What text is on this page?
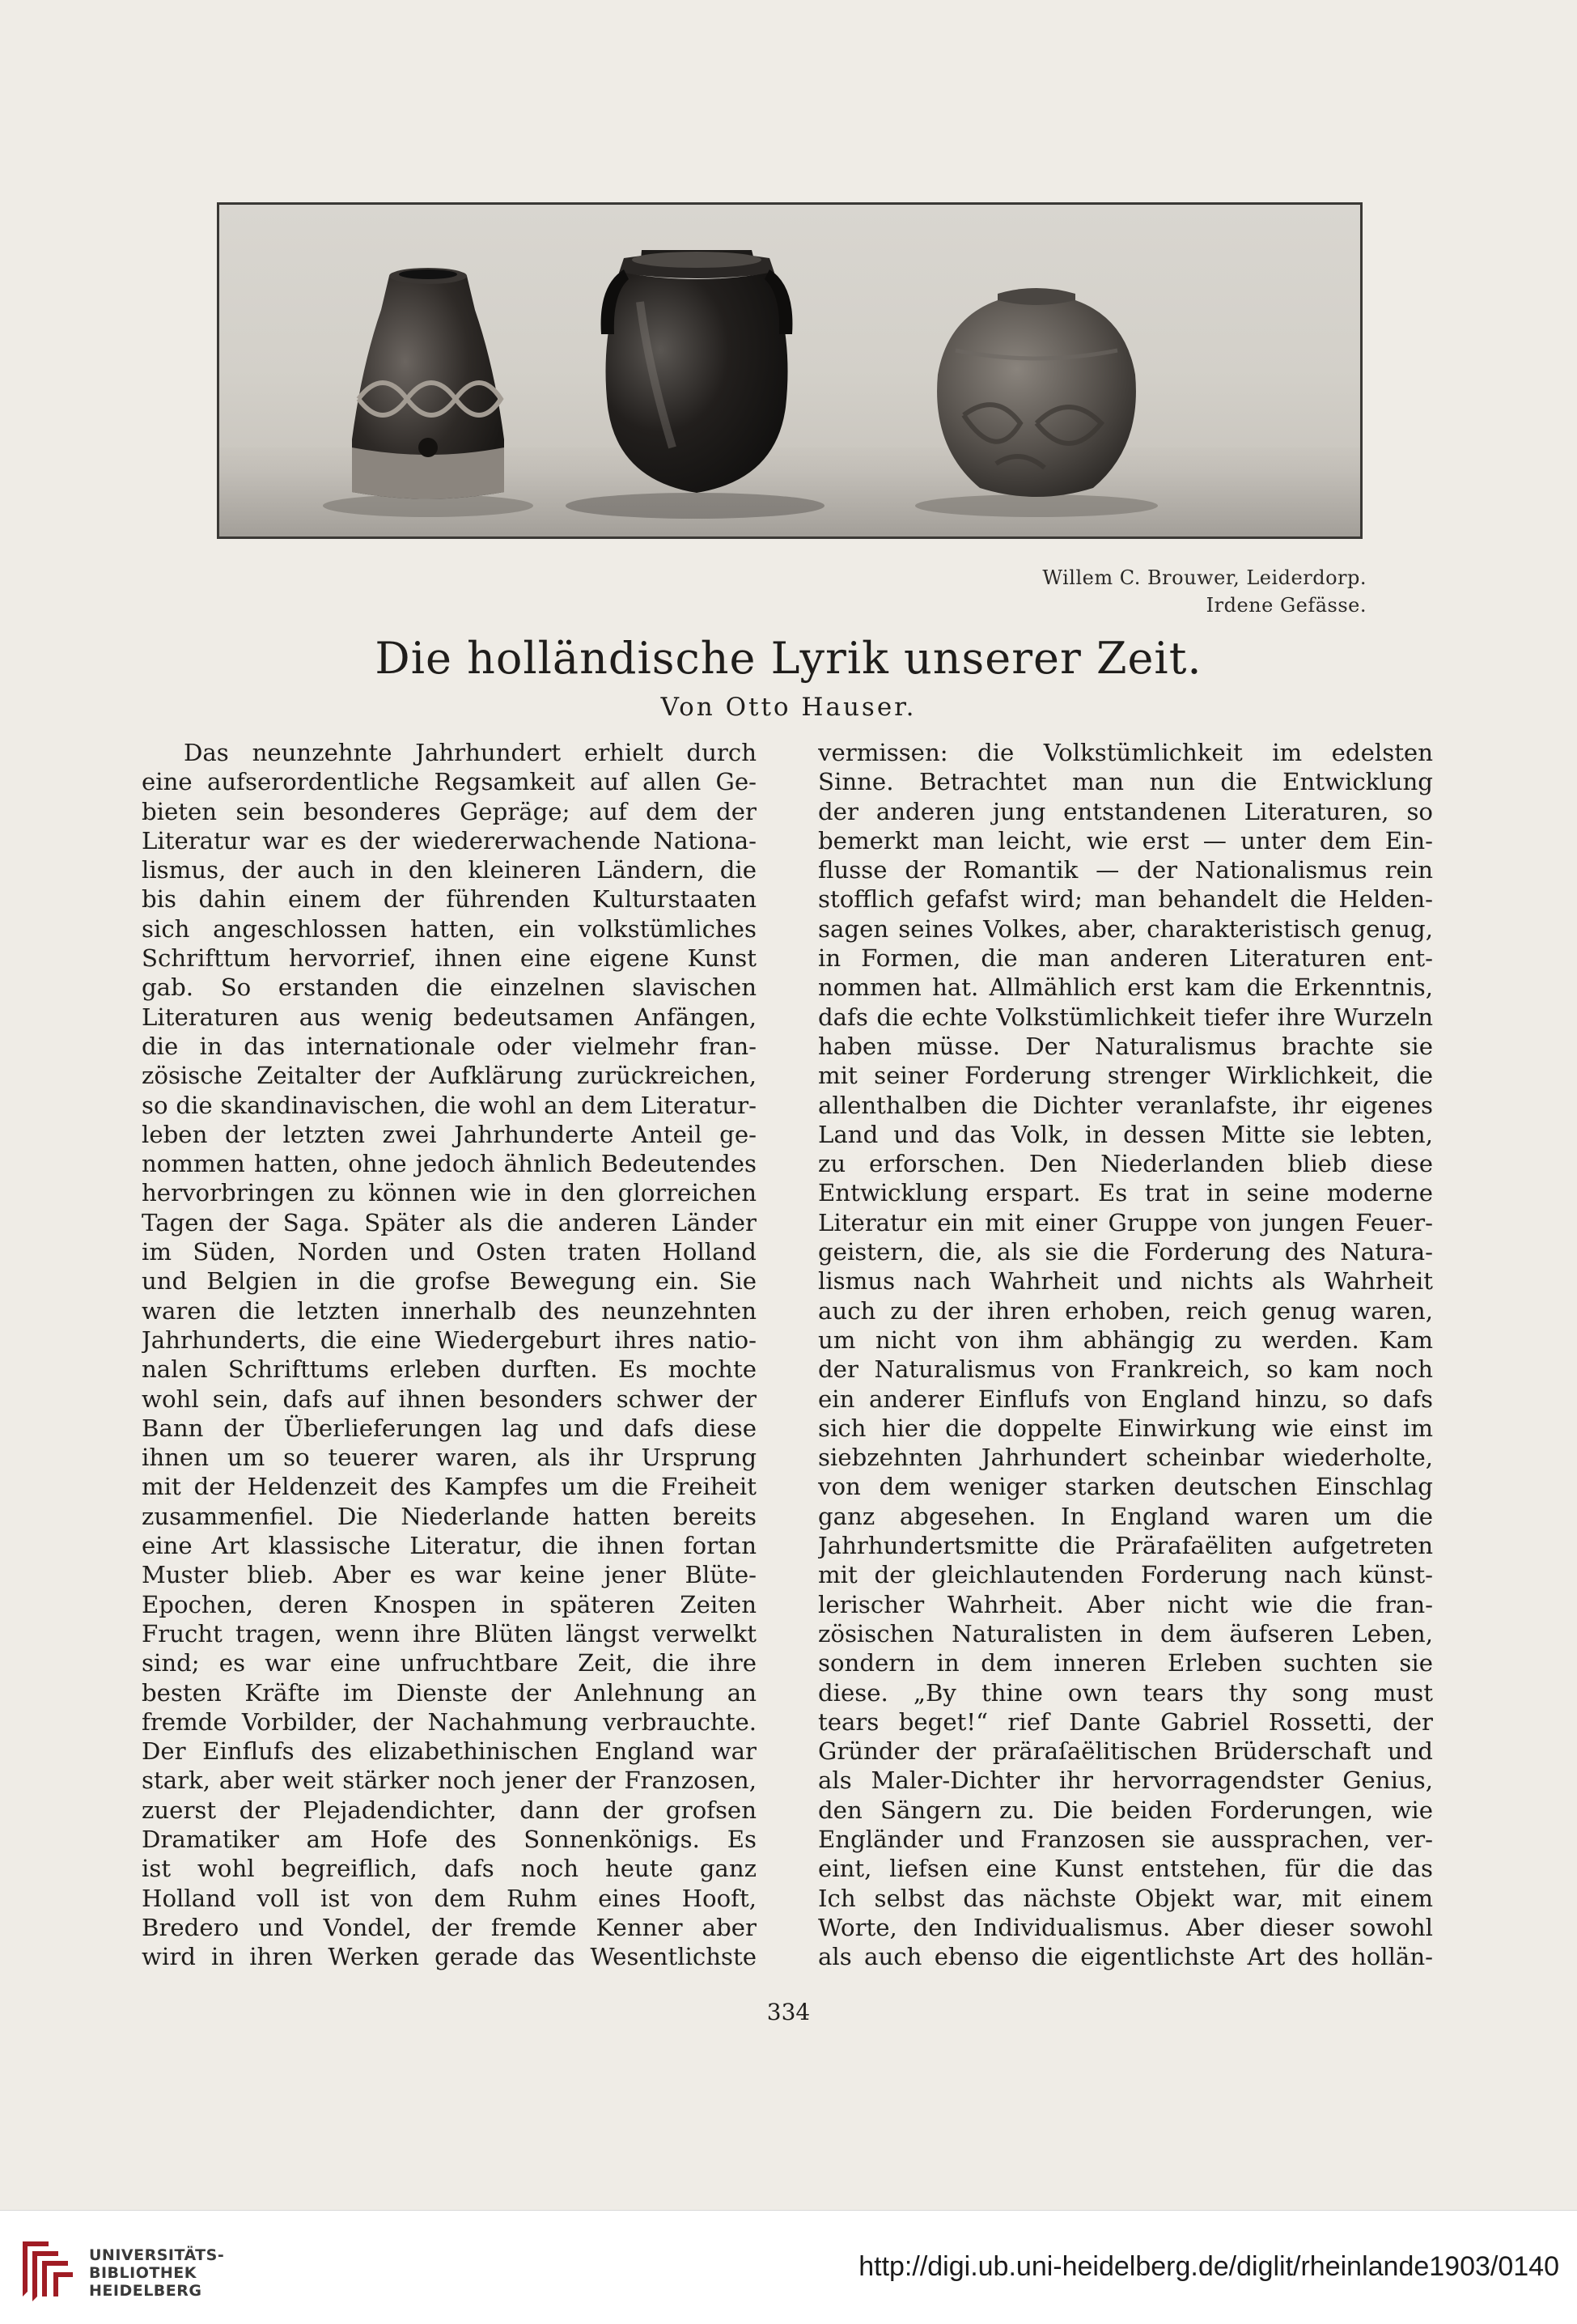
Willem C. Brouwer, Leiderdorp.
Irdene Gefässe.
Die holländische Lyrik unserer Zeit.
Von Otto Hauser.
Das neunzehnte Jahrhundert erhielt durch
eine aufserordentliche Regsamkeit auf allen Ge-
bieten sein besonderes Gepräge; auf dem der
Literatur war es der wiedererwachende Nationa-
lismus, der auch in den kleineren Ländern, die
bis dahin einem der führenden Kulturstaaten
sich angeschlossen hatten, ein volkstümliches
Schrifttum hervorrief, ihnen eine eigene Kunst
gab. So erstanden die einzelnen slavischen
Literaturen aus wenig bedeutsamen Anfängen,
die in das internationale oder vielmehr fran-
zösische Zeitalter der Aufklärung zurückreichen,
so die skandinavischen, die wohl an dem Literatur-
leben der letzten zwei Jahrhunderte Anteil ge-
nommen hatten, ohne jedoch ähnlich Bedeutendes
hervorbringen zu können wie in den glorreichen
Tagen der Saga. Später als die anderen Länder
im Süden, Norden und Osten traten Holland
und Belgien in die grofse Bewegung ein. Sie
waren die letzten innerhalb des neunzehnten
Jahrhunderts, die eine Wiedergeburt ihres natio-
nalen Schrifttums erleben durften. Es mochte
wohl sein, dafs auf ihnen besonders schwer der
Bann der Überlieferungen lag und dafs diese
ihnen um so teuerer waren, als ihr Ursprung
mit der Heldenzeit des Kampfes um die Freiheit
zusammenfiel. Die Niederlande hatten bereits
eine Art klassische Literatur, die ihnen fortan
Muster blieb. Aber es war keine jener Blüte-
Epochen, deren Knospen in späteren Zeiten
Frucht tragen, wenn ihre Blüten längst verwelkt
sind; es war eine unfruchtbare Zeit, die ihre
besten Kräfte im Dienste der Anlehnung an
fremde Vorbilder, der Nachahmung verbrauchte.
Der Einflufs des elizabethinischen England war
stark, aber weit stärker noch jener der Franzosen,
zuerst der Plejadendichter, dann der grofsen
Dramatiker am Hofe des Sonnenkönigs. Es
ist wohl begreiflich, dafs noch heute ganz
Holland voll ist von dem Ruhm eines Hooft,
Bredero und Vondel, der fremde Kenner aber
wird in ihren Werken gerade das Wesentlichste
vermissen: die Volkstümlichkeit im edelsten
Sinne. Betrachtet man nun die Entwicklung
der anderen jung entstandenen Literaturen, so
bemerkt man leicht, wie erst — unter dem Ein-
flusse der Romantik — der Nationalismus rein
stofflich gefafst wird; man behandelt die Helden-
sagen seines Volkes, aber, charakteristisch genug,
in Formen, die man anderen Literaturen ent-
nommen hat. Allmählich erst kam die Erkenntnis,
dafs die echte Volkstümlichkeit tiefer ihre Wurzeln
haben müsse. Der Naturalismus brachte sie
mit seiner Forderung strenger Wirklichkeit, die
allenthalben die Dichter veranlafste, ihr eigenes
Land und das Volk, in dessen Mitte sie lebten,
zu erforschen. Den Niederlanden blieb diese
Entwicklung erspart. Es trat in seine moderne
Literatur ein mit einer Gruppe von jungen Feuer-
geistern, die, als sie die Forderung des Natura-
lismus nach Wahrheit und nichts als Wahrheit
auch zu der ihren erhoben, reich genug waren,
um nicht von ihm abhängig zu werden. Kam
der Naturalismus von Frankreich, so kam noch
ein anderer Einflufs von England hinzu, so dafs
sich hier die doppelte Einwirkung wie einst im
siebzehnten Jahrhundert scheinbar wiederholte,
von dem weniger starken deutschen Einschlag
ganz abgesehen. In England waren um die
Jahrhundertsmitte die Prärafaëliten aufgetreten
mit der gleichlautenden Forderung nach künst-
lerischer Wahrheit. Aber nicht wie die fran-
zösischen Naturalisten in dem äufseren Leben,
sondern in dem inneren Erleben suchten sie
diese. „By thine own tears thy song must
tears beget!“ rief Dante Gabriel Rossetti, der
Gründer der präraſaëlitischen Brüderschaft und
als Maler-Dichter ihr hervorragendster Genius,
den Sängern zu. Die beiden Forderungen, wie
Engländer und Franzosen sie aussprachen, ver-
eint, liefsen eine Kunst entstehen, für die das
Ich selbst das nächste Objekt war, mit einem
Worte, den Individualismus. Aber dieser sowohl
als auch ebenso die eigentlichste Art des hollän-
334
UNIVERSITÄTS-
BIBLIOTHEK
HEIDELBERG
http://digi.ub.uni-heidelberg.de/diglit/rheinlande1903/0140
